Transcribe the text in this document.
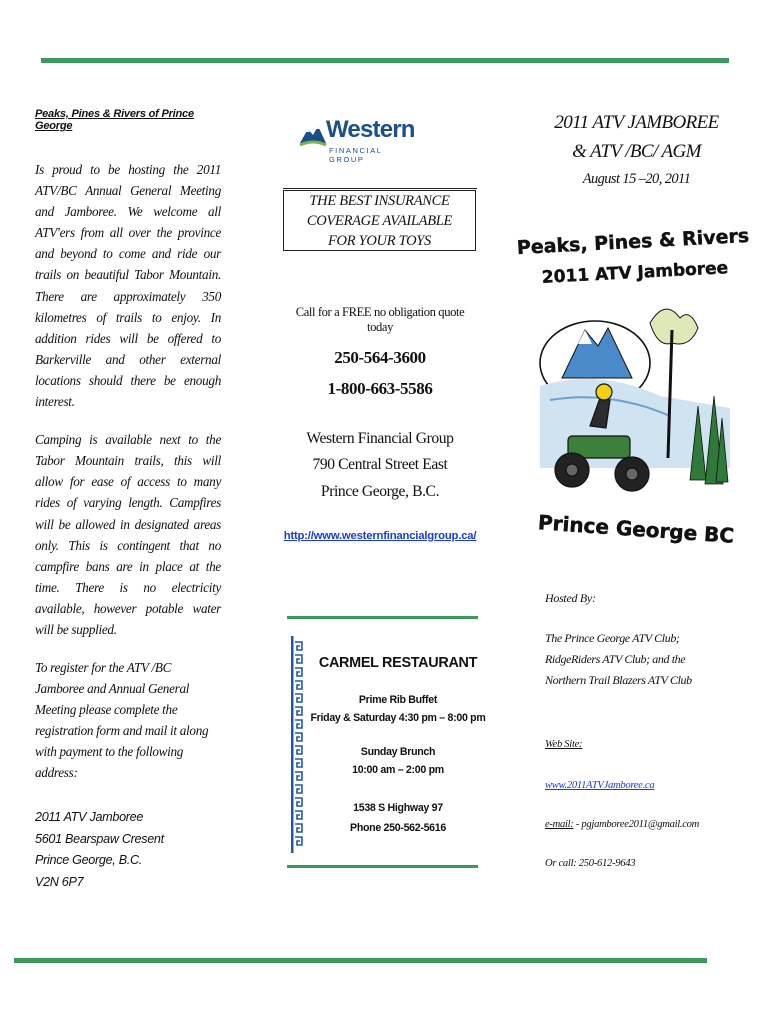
Peaks, Pines & Rivers of Prince George

Is proud to be hosting the 2011 ATV/BC Annual General Meeting and Jamboree. We welcome all ATV'ers from all over the province and beyond to come and ride our trails on beautiful Tabor Mountain. There are approximately 350 kilometres of trails to enjoy. In addition rides will be offered to Barkerville and other external locations should there be enough interest.

Camping is available next to the Tabor Mountain trails, this will allow for ease of access to many rides of varying length. Campfires will be allowed in designated areas only. This is contingent that no campfire bans are in place at the time. There is no electricity available, however potable water will be supplied.

To register for the ATV /BC Jamboree and Annual General Meeting please complete the registration form and mail it along with payment to the following address:

2011 ATV Jamboree
5601 Bearspaw Cresent
Prince George, B.C.
V2N 6P7
Western
FINANCIAL GROUP
THE BEST INSURANCE
COVERAGE AVAILABLE
FOR YOUR TOYS
Call for a FREE no obligation quote today
250-564-3600
1-800-663-5586
Western Financial Group
790 Central Street East
Prince George, B.C.
http://www.westernfinancialgroup.ca/
CARMEL RESTAURANT
Prime Rib Buffet
Friday & Saturday 4:30 pm – 8:00 pm
Sunday Brunch
10:00 am – 2:00 pm
1538 S Highway 97
Phone 250-562-5616
2011 ATV JAMBOREE
& ATV /BC/ AGM
August 15 –20, 2011
Peaks, Pines & Rivers
2011 ATV Jamboree
Prince George BC
Hosted By:
The Prince George ATV Club;
RidgeRiders ATV Club; and the
Northern Trail Blazers ATV Club
Web Site:
www.2011ATVJamboree.ca
e-mail: - pgjamboree2011@gmail.com
Or call: 250-612-9643
